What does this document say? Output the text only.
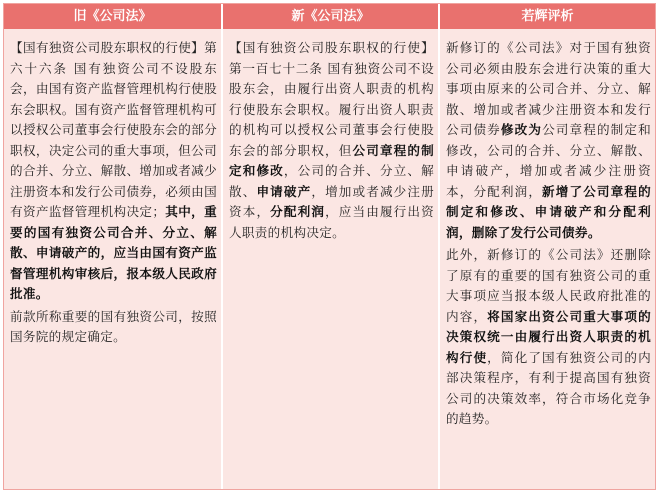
旧《公司法》	新《公司法》	若辉评析

【国有独资公司股东职权的行使】第六十六条 国有独资公司不设股东会，由国有资产监督管理机构行使股东会职权。国有资产监督管理机构可以授权公司董事会行使股东会的部分职权，决定公司的重大事项，但公司的合并、分立、解散、增加或者减少注册资本和发行公司债券，必须由国有资产监督管理机构决定；其中，重要的国有独资公司合并、分立、解散、申请破产的，应当由国有资产监督管理机构审核后，报本级人民政府批准。

前款所称重要的国有独资公司，按照国务院的规定确定。

【国有独资公司股东职权的行使】第一百七十二条 国有独资公司不设股东会，由履行出资人职责的机构行使股东会职权。履行出资人职责的机构可以授权公司董事会行使股东会的部分职权，但公司章程的制定和修改，公司的合并、分立、解散、申请破产，增加或者减少注册资本，分配利润，应当由履行出资人职责的机构决定。

新修订的《公司法》对于国有独资公司必须由股东会进行决策的重大事项由原来的公司合并、分立、解散、增加或者减少注册资本和发行公司债券修改为公司章程的制定和修改，公司的合并、分立、解散、申请破产，增加或者减少注册资本，分配利润，新增了公司章程的制定和修改、申请破产和分配利润，删除了发行公司债券。

此外，新修订的《公司法》还删除了原有的重要的国有独资公司的重大事项应当报本级人民政府批准的内容，将国家出资公司重大事项的决策权统一由履行出资人职责的机构行使，简化了国有独资公司的内部决策程序，有利于提高国有独资公司的决策效率，符合市场化竞争的趋势。
